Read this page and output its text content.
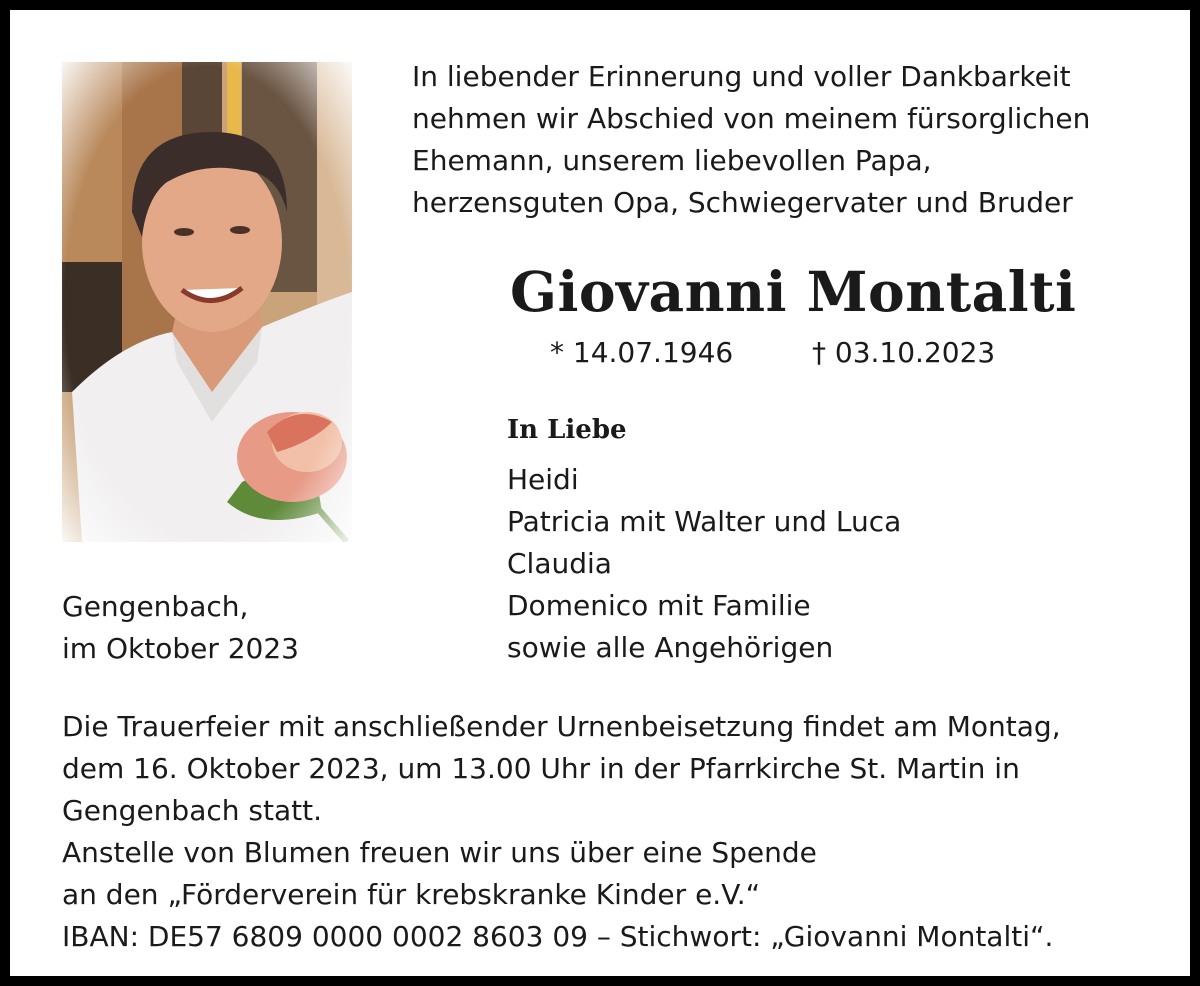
In liebender Erinnerung und voller Dankbarkeit
nehmen wir Abschied von meinem fürsorglichen
Ehemann, unserem liebevollen Papa,
herzensguten Opa, Schwiegervater und Bruder
Giovanni Montalti
* 14.07.1946	† 03.10.2023
In Liebe
Heidi
Patricia mit Walter und Luca
Claudia
Domenico mit Familie
sowie alle Angehörigen
Gengenbach,
im Oktober 2023
Die Trauerfeier mit anschließender Urnenbeisetzung findet am Montag,
dem 16. Oktober 2023, um 13.00 Uhr in der Pfarrkirche St. Martin in
Gengenbach statt.
Anstelle von Blumen freuen wir uns über eine Spende
an den „Förderverein für krebskranke Kinder e.V.“
IBAN: DE57 6809 0000 0002 8603 09 – Stichwort: „Giovanni Montalti“.
